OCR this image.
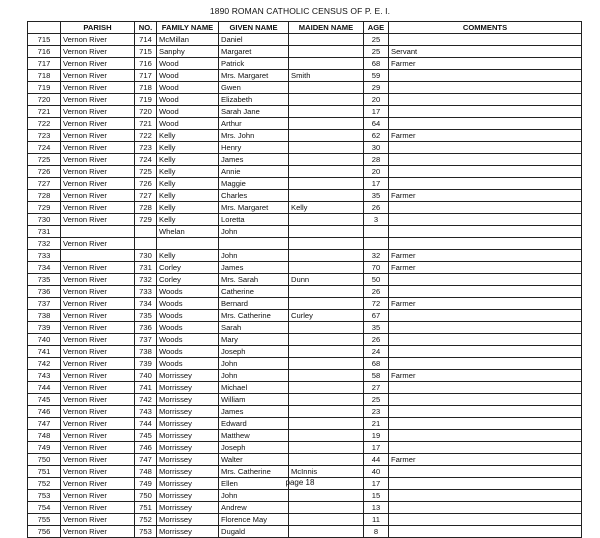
1890 ROMAN CATHOLIC CENSUS OF P. E. I.
	PARISH	NO.	FAMILY NAME	GIVEN NAME	MAIDEN NAME	AGE	COMMENTS
715	Vernon River	714	McMillan	Daniel		25	
716	Vernon River	715	Sanphy	Margaret		25	Servant
717	Vernon River	716	Wood	Patrick		68	Farmer
718	Vernon River	717	Wood	Mrs. Margaret	Smith	59	
719	Vernon River	718	Wood	Gwen		29	
720	Vernon River	719	Wood	Elizabeth		20	
721	Vernon River	720	Wood	Sarah Jane		17	
722	Vernon River	721	Wood	Arthur		64	
723	Vernon River	722	Kelly	Mrs. John		62	Farmer
724	Vernon River	723	Kelly	Henry		30	
725	Vernon River	724	Kelly	James		28	
726	Vernon River	725	Kelly	Annie		20	
727	Vernon River	726	Kelly	Maggie		17	
728	Vernon River	727	Kelly	Charles		35	Farmer
729	Vernon River	728	Kelly	Mrs. Margaret	Kelly	26	
730	Vernon River	729	Kelly	Loretta		3	
731			Whelan	John			
732	Vernon River						
733		730	Kelly	John		32	Farmer
734	Vernon River	731	Corley	James		70	Farmer
735	Vernon River	732	Corley	Mrs. Sarah	Dunn	50	
736	Vernon River	733	Woods	Catherine		26	
737	Vernon River	734	Woods	Bernard		72	Farmer
738	Vernon River	735	Woods	Mrs. Catherine	Curley	67	
739	Vernon River	736	Woods	Sarah		35	
740	Vernon River	737	Woods	Mary		26	
741	Vernon River	738	Woods	Joseph		24	
742	Vernon River	739	Woods	John		68	
743	Vernon River	740	Morrissey	John		58	Farmer
744	Vernon River	741	Morrissey	Michael		27	
745	Vernon River	742	Morrissey	William		25	
746	Vernon River	743	Morrissey	James		23	
747	Vernon River	744	Morrissey	Edward		21	
748	Vernon River	745	Morrissey	Matthew		19	
749	Vernon River	746	Morrissey	Joseph		17	
750	Vernon River	747	Morrissey	Walter		44	Farmer
751	Vernon River	748	Morrissey	Mrs. Catherine	McInnis	40	
752	Vernon River	749	Morrissey	Ellen		17	
753	Vernon River	750	Morrissey	John		15	
754	Vernon River	751	Morrissey	Andrew		13	
755	Vernon River	752	Morrissey	Florence May		11	
756	Vernon River	753	Morrissey	Dugald		8	
page 18
